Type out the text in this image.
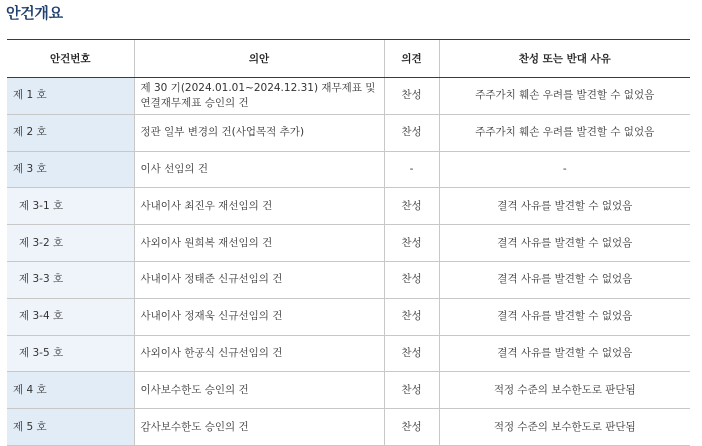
안건개요
안건번호	의안	의견	찬성 또는 반대 사유
제 1 호	제 30 기(2024.01.01~2024.12.31) 재무제표 및 연결재무제표 승인의 건	찬성	주주가치 훼손 우려를 발견할 수 없었음
제 2 호	정관 일부 변경의 건(사업목적 추가)	찬성	주주가치 훼손 우려를 발견할 수 없었음
제 3 호	이사 선임의 건	-	-
제 3-1 호	사내이사 최진우 재선임의 건	찬성	결격 사유를 발견할 수 없었음
제 3-2 호	사외이사 원희복 재선임의 건	찬성	결격 사유를 발견할 수 없었음
제 3-3 호	사내이사 정태준 신규선임의 건	찬성	결격 사유를 발견할 수 없었음
제 3-4 호	사내이사 정재욱 신규선임의 건	찬성	결격 사유를 발견할 수 없었음
제 3-5 호	사외이사 한공식 신규선임의 건	찬성	결격 사유를 발견할 수 없었음
제 4 호	이사보수한도 승인의 건	찬성	적정 수준의 보수한도로 판단됨
제 5 호	감사보수한도 승인의 건	찬성	적정 수준의 보수한도로 판단됨
